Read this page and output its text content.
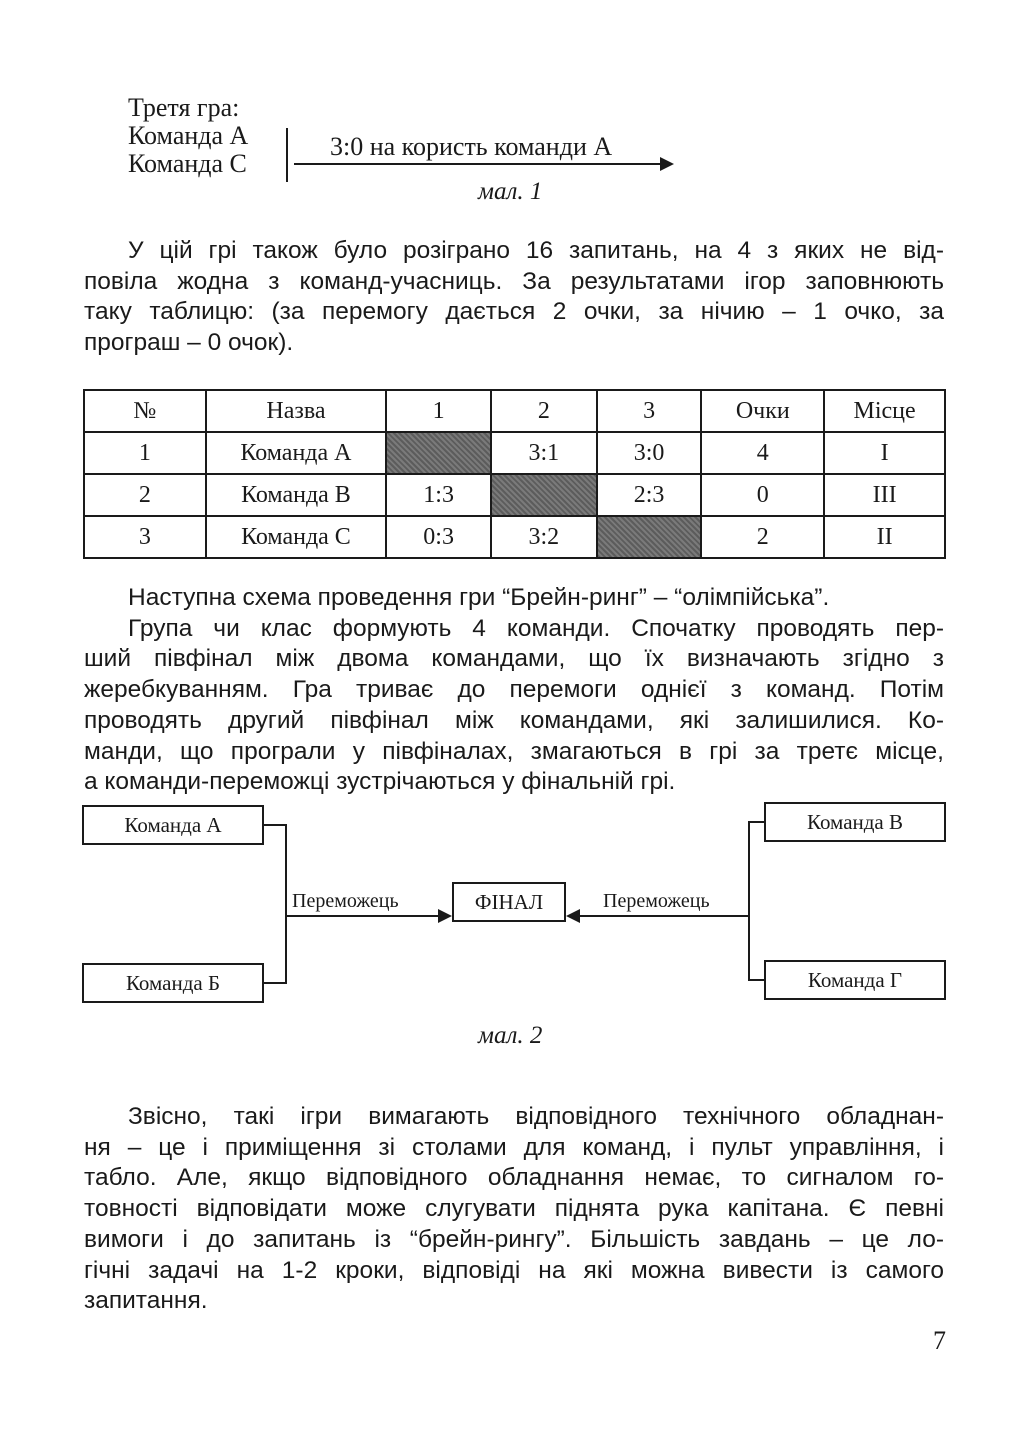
Третя гра:
Команда А
Команда С
3:0 на користь команди А
мал. 1
У цій грі також було розіграно 16 запитань, на 4 з яких не від-
повіла жодна з команд-учасниць. За результатами ігор заповнюють
таку таблицю: (за перемогу дається 2 очки, за нічию – 1 очко, за
програш – 0 очок).
№	Назва	1	2	3	Очки	Місце
1	Команда А		3:1	3:0	4	I
2	Команда В	1:3		2:3	0	III
3	Команда С	0:3	3:2		2	II
Наступна схема проведення гри “Брейн-ринг” – “олімпійська”.
Група чи клас формують 4 команди. Спочатку проводять пер-
ший півфінал між двома командами, що їх визначають згідно з
жеребкуванням. Гра триває до перемоги однієї з команд. Потім
проводять другий півфінал між командами, які залишилися. Ко-
манди, що програли у півфіналах, змагаються в грі за третє місце,
а команди-переможці зустрічаються у фінальній грі.
Команда А
Команда Б
Команда В
Команда Г
ФІНАЛ
Переможець	Переможець
мал. 2
Звісно, такі ігри вимагають відповідного технічного обладнан-
ня – це і приміщення зі столами для команд, і пульт управління, і
табло. Але, якщо відповідного обладнання немає, то сигналом го-
товності відповідати може слугувати піднята рука капітана. Є певні
вимоги і до запитань із “брейн-рингу”. Більшість завдань – це ло-
гічні задачі на 1-2 кроки, відповіді на які можна вивести із самого
запитання.
7
